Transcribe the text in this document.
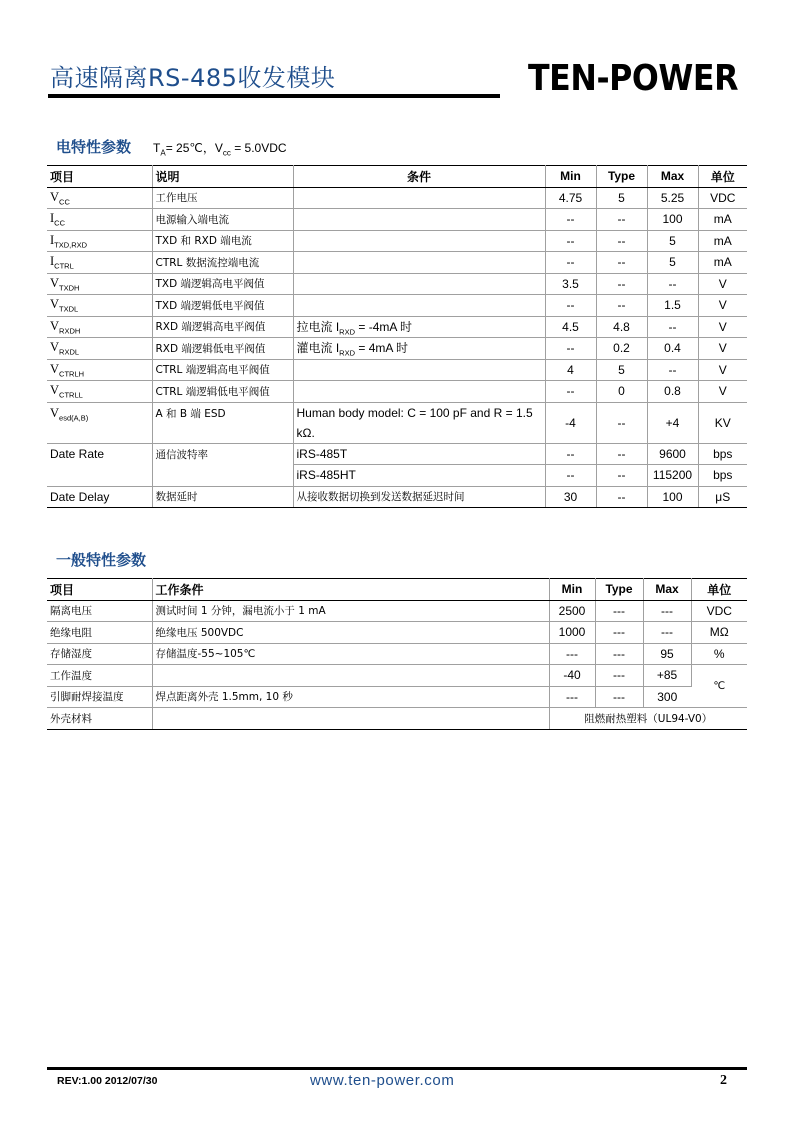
高速隔离RS-485收发模块	TEN-POWER
电特性参数 $T_A=$ 25℃，$V_{cc} = 5.0VDC$
项目	说明	条件	Min	Type	Max	单位
$V_{CC}$	工作电压		4.75	5	5.25	VDC
$I_{CC}$	电源输入端电流		--	--	100	mA
$I_{TXD,RXD}$	TXD 和 RXD 端电流		--	--	5	mA
$I_{CTRL}$	CTRL 数据流控端电流		--	--	5	mA
$V_{TXDH}$	TXD 端逻辑高电平阀值		3.5	--	--	V
$V_{TXDL}$	TXD 端逻辑低电平阀值		--	--	1.5	V
$V_{RXDH}$	RXD 端逻辑高电平阀值	拉电流 $I_{RXD} = -4mA$ 时	4.5	4.8	--	V
$V_{RXDL}$	RXD 端逻辑低电平阀值	灌电流 $I_{RXD} = 4mA$ 时	--	0.2	0.4	V
$V_{CTRLH}$	CTRL 端逻辑高电平阀值		4	5	--	V
$V_{CTRLL}$	CTRL 端逻辑低电平阀值		--	0	0.8	V
$V_{esd(A,B)}$	A 和 B 端 ESD	Human body model: C = 100 pF and R = 1.5 kΩ.	-4	--	+4	KV
Date Rate	通信波特率	iRS-485T	--	--	9600	bps
		iRS-485HT	--	--	115200	bps
Date Delay	数据延时	从接收数据切换到发送数据延迟时间	30	--	100	μS
一般特性参数
项目	工作条件	Min	Type	Max	单位
隔离电压	测试时间 1 分钟，漏电流小于 1 mA	2500	---	---	VDC
绝缘电阻	绝缘电压 500VDC	1000	---	---	MΩ
存储湿度	存储温度-55~105℃	---	---	95	%
工作温度		-40	---	+85	℃
引脚耐焊接温度	焊点距离外壳 1.5mm, 10 秒	---	---	300	
外壳材料		阻燃耐热塑料（UL94-V0）			
REV:1.00 2012/07/30	www.ten-power.com	2
